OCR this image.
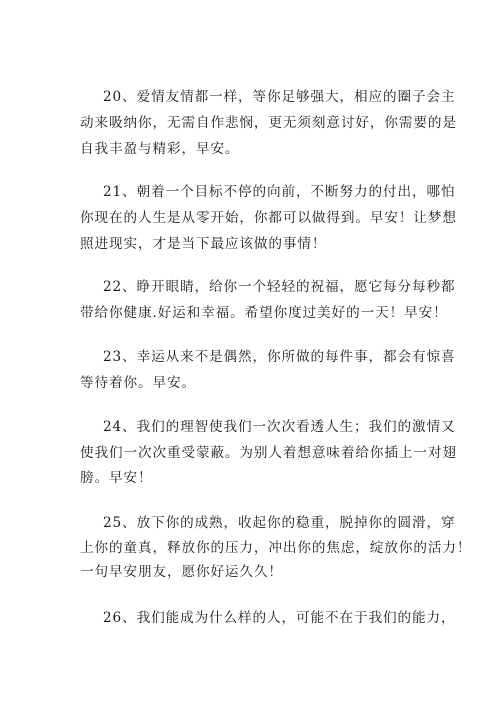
20、爱情友情都一样，等你足够强大，相应的圈子会主
动来吸纳你，无需自作悲悯，更无须刻意讨好，你需要的是
自我丰盈与精彩，早安。
21、朝着一个目标不停的向前，不断努力的付出，哪怕
你现在的人生是从零开始，你都可以做得到。早安！让梦想
照进现实，才是当下最应该做的事情！
22、睁开眼睛，给你一个轻轻的祝福，愿它每分每秒都
带给你健康.好运和幸福。希望你度过美好的一天！早安！
23、幸运从来不是偶然，你所做的每件事，都会有惊喜
等待着你。早安。
24、我们的理智使我们一次次看透人生；我们的激情又
使我们一次次重受蒙蔽。为别人着想意味着给你插上一对翅
膀。早安！
25、放下你的成熟，收起你的稳重，脱掉你的圆滑，穿
上你的童真，释放你的压力，冲出你的焦虑，绽放你的活力！
一句早安朋友，愿你好运久久！
26、我们能成为什么样的人，可能不在于我们的能力，
